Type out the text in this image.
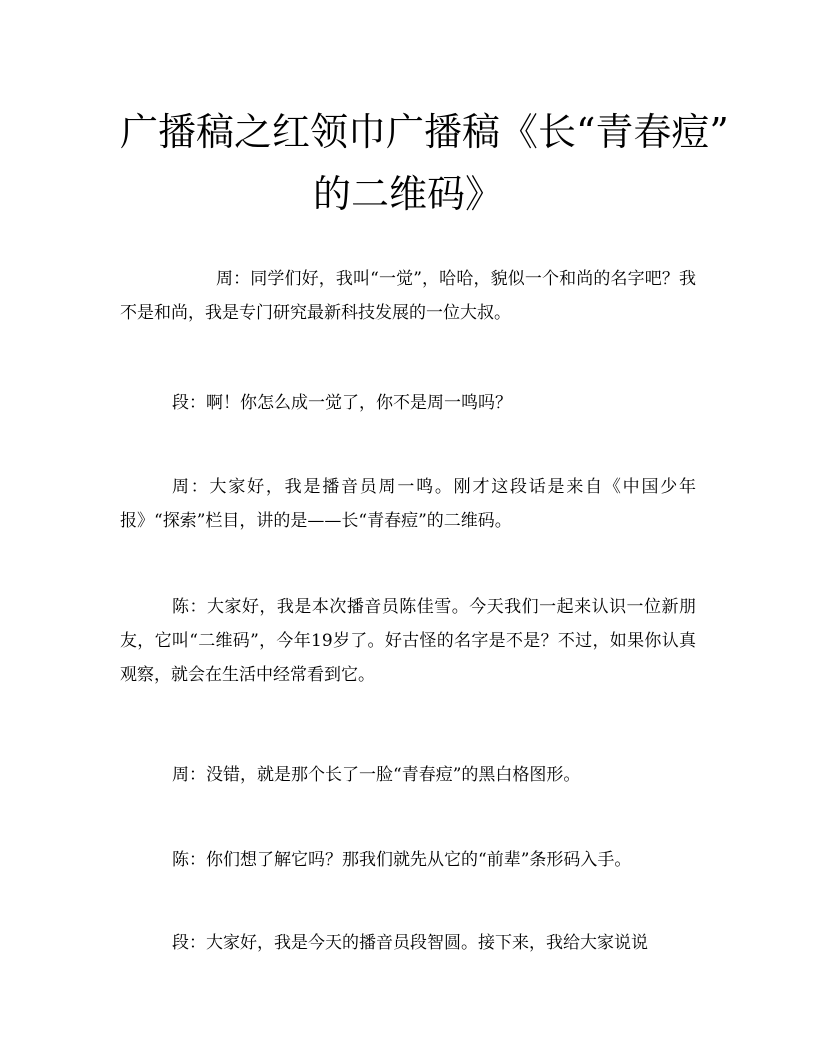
广播稿之红领巾广播稿《长“青春痘”
的二维码》

周：同学们好，我叫“一觉”，哈哈，貌似一个和尚的名字吧？我不是和尚，我是专门研究最新科技发展的一位大叔。

段：啊！你怎么成一觉了，你不是周一鸣吗？

周：大家好，我是播音员周一鸣。刚才这段话是来自《中国少年报》“探索”栏目，讲的是——长“青春痘”的二维码。

陈：大家好，我是本次播音员陈佳雪。今天我们一起来认识一位新朋友，它叫“二维码”，今年19岁了。好古怪的名字是不是？不过，如果你认真观察，就会在生活中经常看到它。

周：没错，就是那个长了一脸“青春痘”的黑白格图形。

陈：你们想了解它吗？那我们就先从它的“前辈”条形码入手。

段：大家好，我是今天的播音员段智圆。接下来，我给大家说说
